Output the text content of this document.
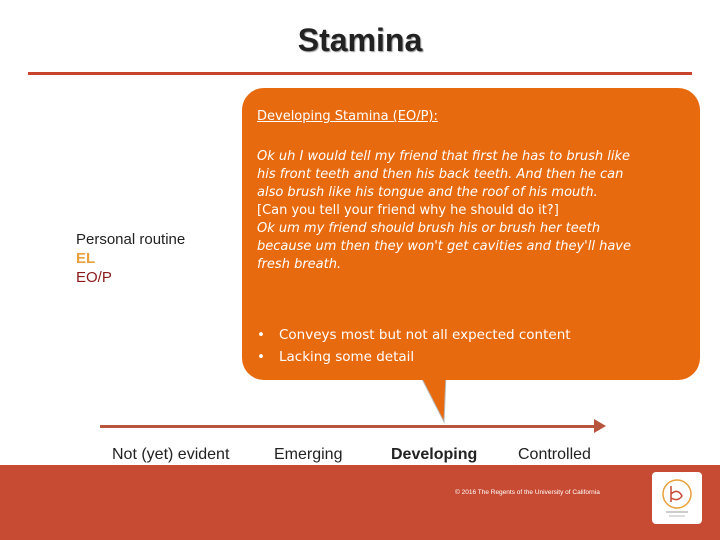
Stamina
Developing Stamina (EO/P):
Ok uh I would tell my friend that first he has to brush like
his front teeth and then his back teeth. And then he can
also brush like his tongue and the roof of his mouth.
[Can you tell your friend why he should do it?]
Ok um my friend should brush his or brush her teeth
because um then they won't get cavities and they'll have
fresh breath.
•	Conveys most but not all expected content
•	Lacking some detail
Personal routine
EL
EO/P
Not (yet) evident	Emerging	Developing	Controlled
© 2016 The Regents of the University of California
